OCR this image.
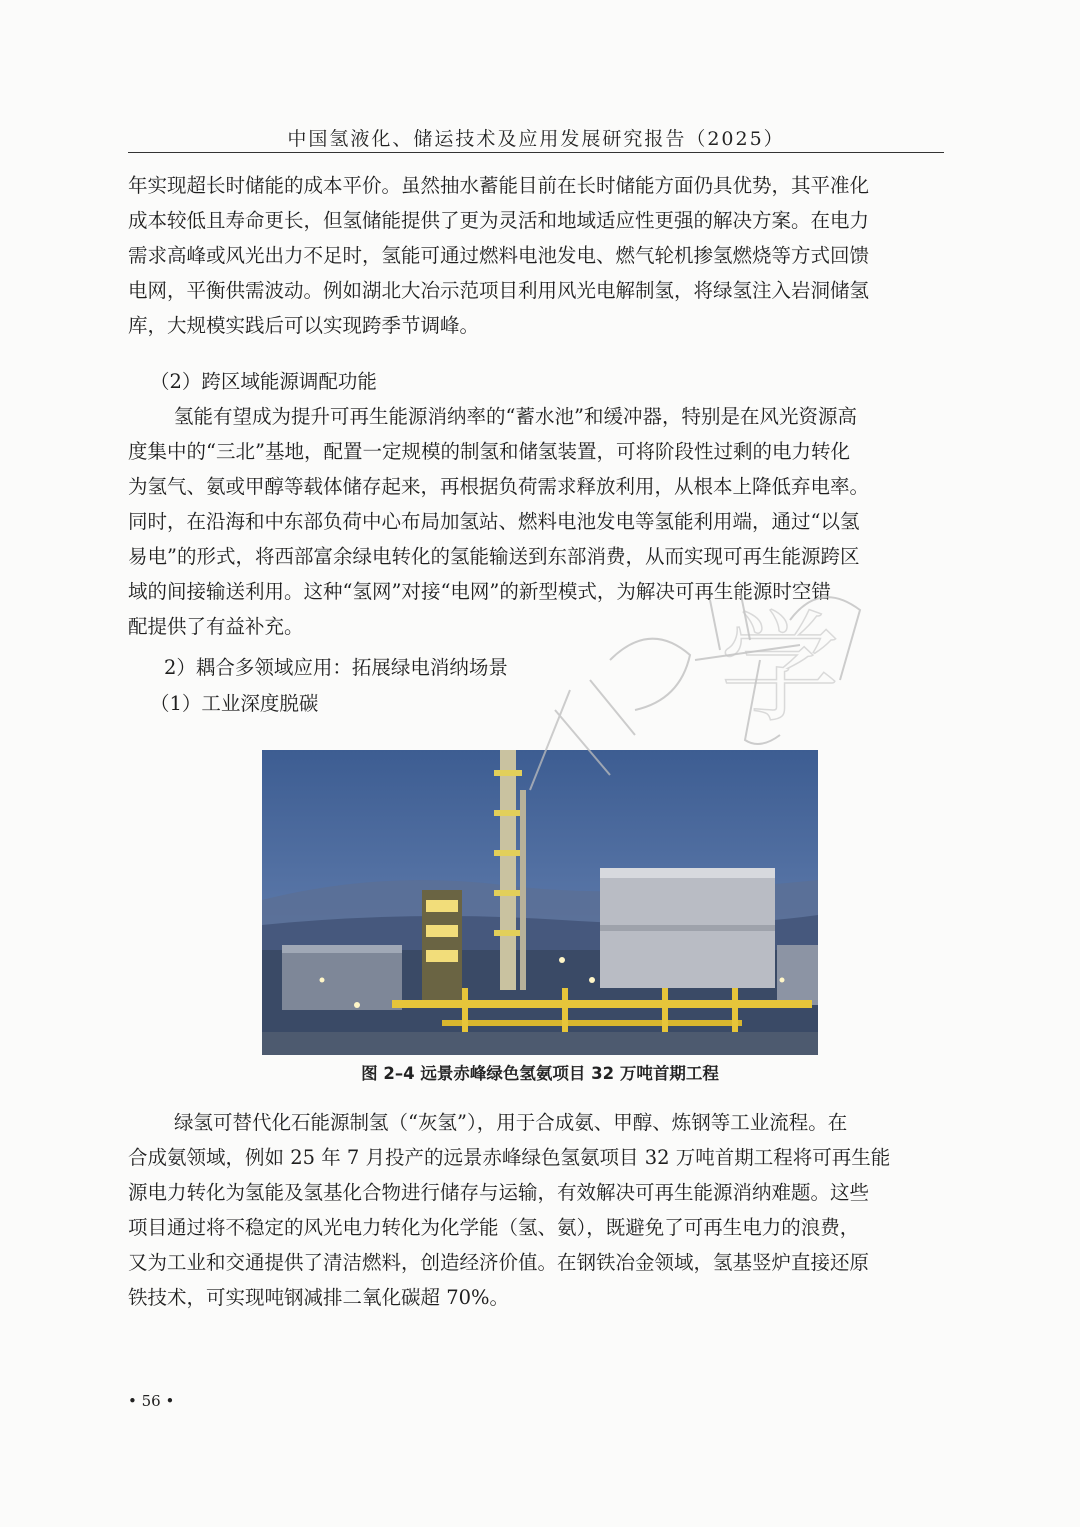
中国氢液化、储运技术及应用发展研究报告（2025）

年实现超长时储能的成本平价。虽然抽水蓄能目前在长时储能方面仍具优势，其平准化
成本较低且寿命更长，但氢储能提供了更为灵活和地域适应性更强的解决方案。在电力
需求高峰或风光出力不足时，氢能可通过燃料电池发电、燃气轮机掺氢燃烧等方式回馈
电网，平衡供需波动。例如湖北大冶示范项目利用风光电解制氢，将绿氢注入岩洞储氢
库，大规模实践后可以实现跨季节调峰。

（2）跨区域能源调配功能

氢能有望成为提升可再生能源消纳率的“蓄水池”和缓冲器，特别是在风光资源高
度集中的“三北”基地，配置一定规模的制氢和储氢装置，可将阶段性过剩的电力转化
为氢气、氨或甲醇等载体储存起来，再根据负荷需求释放利用，从根本上降低弃电率。
同时，在沿海和中东部负荷中心布局加氢站、燃料电池发电等氢能利用端，通过“以氢
易电”的形式，将西部富余绿电转化的氢能输送到东部消费，从而实现可再生能源跨区
域的间接输送利用。这种“氢网”对接“电网”的新型模式，为解决可再生能源时空错
配提供了有益补充。

2）耦合多领域应用：拓展绿电消纳场景
（1）工业深度脱碳
图 2–4 远景赤峰绿色氢氨项目 32 万吨首期工程
学

绿氢可替代化石能源制氢（“灰氢”），用于合成氨、甲醇、炼钢等工业流程。在
合成氨领域，例如 25 年 7 月投产的远景赤峰绿色氢氨项目 32 万吨首期工程将可再生能
源电力转化为氢能及氢基化合物进行储存与运输，有效解决可再生能源消纳难题。这些
项目通过将不稳定的风光电力转化为化学能（氢、氨），既避免了可再生电力的浪费，
又为工业和交通提供了清洁燃料，创造经济价值。在钢铁冶金领域，氢基竖炉直接还原
铁技术，可实现吨钢减排二氧化碳超 70%。

• 56 •
